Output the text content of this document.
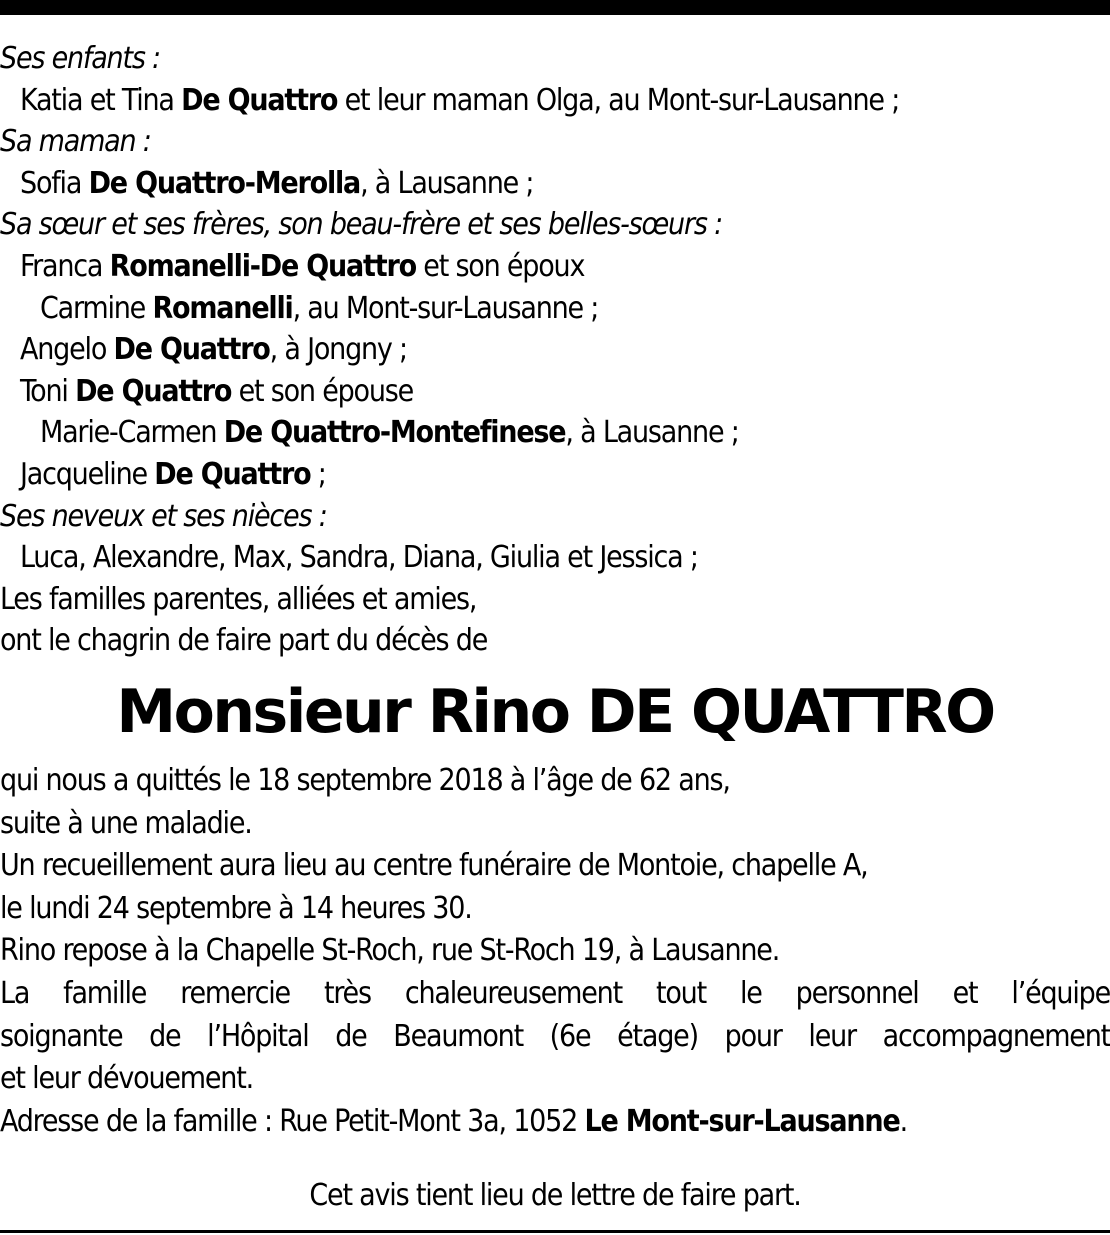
Ses enfants :
Katia et Tina De Quattro et leur maman Olga, au Mont-sur-Lausanne ;
Sa maman :
Sofia De Quattro-Merolla, à Lausanne ;
Sa sœur et ses frères, son beau-frère et ses belles-sœurs :
Franca Romanelli-De Quattro et son époux
Carmine Romanelli, au Mont-sur-Lausanne ;
Angelo De Quattro, à Jongny ;
Toni De Quattro et son épouse
Marie-Carmen De Quattro-Montefinese, à Lausanne ;
Jacqueline De Quattro ;
Ses neveux et ses nièces :
Luca, Alexandre, Max, Sandra, Diana, Giulia et Jessica ;
Les familles parentes, alliées et amies,
ont le chagrin de faire part du décès de
Monsieur Rino DE QUATTRO
qui nous a quittés le 18 septembre 2018 à l’âge de 62 ans,
suite à une maladie.
Un recueillement aura lieu au centre funéraire de Montoie, chapelle A,
le lundi 24 septembre à 14 heures 30.
Rino repose à la Chapelle St-Roch, rue St-Roch 19, à Lausanne.
La famille remercie très chaleureusement tout le personnel et l’équipe
soignante de l’Hôpital de Beaumont (6e étage) pour leur accompagnement
et leur dévouement.
Adresse de la famille : Rue Petit-Mont 3a, 1052 Le Mont-sur-Lausanne.
Cet avis tient lieu de lettre de faire part.
